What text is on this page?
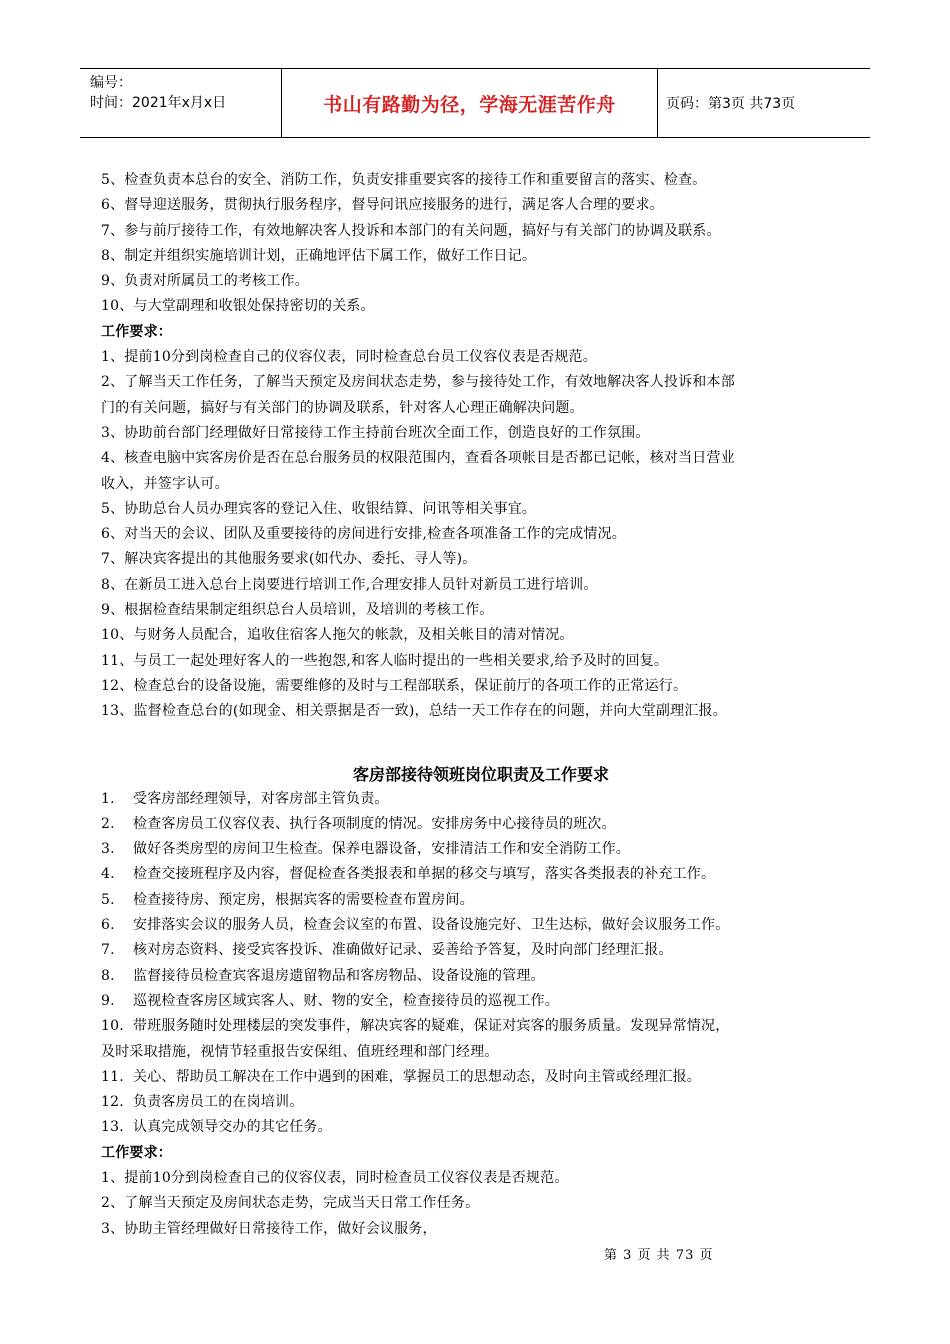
编号：
时间：2021年x月x日	书山有路勤为径，学海无涯苦作舟	页码：第3页 共73页
5、检查负责本总台的安全、消防工作，负责安排重要宾客的接待工作和重要留言的落实、检查。
6、督导迎送服务，贯彻执行服务程序，督导问讯应接服务的进行，满足客人合理的要求。
7、参与前厅接待工作，有效地解决客人投诉和本部门的有关问题，搞好与有关部门的协调及联系。
8、制定并组织实施培训计划，正确地评估下属工作，做好工作日记。
9、负责对所属员工的考核工作。
10、与大堂副理和收银处保持密切的关系。
工作要求：
1、提前10分到岗检查自己的仪容仪表，同时检查总台员工仪容仪表是否规范。
2、了解当天工作任务，了解当天预定及房间状态走势，参与接待处工作，有效地解决客人投诉和本部
门的有关问题，搞好与有关部门的协调及联系，针对客人心理正确解决问题。
3、协助前台部门经理做好日常接待工作主持前台班次全面工作，创造良好的工作氛围。
4、核查电脑中宾客房价是否在总台服务员的权限范围内，查看各项帐目是否都已记帐，核对当日营业
收入，并签字认可。
5、协助总台人员办理宾客的登记入住、收银结算、问讯等相关事宜。
6、对当天的会议、团队及重要接待的房间进行安排,检查各项准备工作的完成情况。
7、解决宾客提出的其他服务要求(如代办、委托、寻人等)。
8、在新员工进入总台上岗要进行培训工作,合理安排人员针对新员工进行培训。
9、根据检查结果制定组织总台人员培训，及培训的考核工作。
10、与财务人员配合，追收住宿客人拖欠的帐款，及相关帐目的清对情况。
11、与员工一起处理好客人的一些抱怨,和客人临时提出的一些相关要求,给予及时的回复。
12、检查总台的设备设施，需要维修的及时与工程部联系，保证前厅的各项工作的正常运行。
13、监督检查总台的(如现金、相关票据是否一致)，总结一天工作存在的问题，并向大堂副理汇报。
客房部接待领班岗位职责及工作要求
1.	受客房部经理领导，对客房部主管负责。
2.	检查客房员工仪容仪表、执行各项制度的情况。安排房务中心接待员的班次。
3.	做好各类房型的房间卫生检查。保养电器设备，安排清洁工作和安全消防工作。
4.	检查交接班程序及内容，督促检查各类报表和单据的移交与填写，落实各类报表的补充工作。
5.	检查接待房、预定房，根据宾客的需要检查布置房间。
6.	安排落实会议的服务人员，检查会议室的布置、设备设施完好、卫生达标，做好会议服务工作。
7.	核对房态资料、接受宾客投诉、准确做好记录、妥善给予答复，及时向部门经理汇报。
8.	监督接待员检查宾客退房遗留物品和客房物品、设备设施的管理。
9.	巡视检查客房区域宾客人、财、物的安全，检查接待员的巡视工作。
10. 带班服务随时处理楼层的突发事件，解决宾客的疑难，保证对宾客的服务质量。发现异常情况，
及时采取措施，视情节轻重报告安保组、值班经理和部门经理。
11. 关心、帮助员工解决在工作中遇到的困难，掌握员工的思想动态，及时向主管或经理汇报。
12. 负责客房员工的在岗培训。
13. 认真完成领导交办的其它任务。
工作要求：
1、提前10分到岗检查自己的仪容仪表，同时检查员工仪容仪表是否规范。
2、了解当天预定及房间状态走势，完成当天日常工作任务。
3、协助主管经理做好日常接待工作，做好会议服务，
第 3 页 共 73 页
